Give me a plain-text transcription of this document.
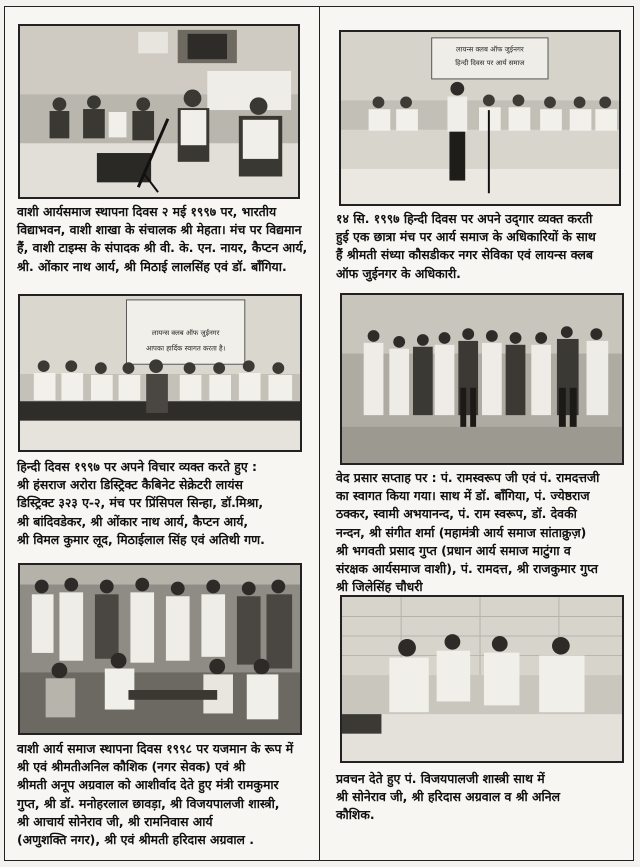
लायन्स क्लब ऑफ जुईनगर
हिन्दी दिवस पर आर्य समाज
लायन्स क्लब ऑफ जुईनगर
आपका हार्दिक स्वागत करता है।
वाशी आर्यसमाज स्थापना दिवस २ मई १९९७ पर, भारतीय
विद्याभवन, वाशी शाखा के संचालक श्री मेहता। मंच पर विद्यमान
हैं, वाशी टाइम्स के संपादक श्री वी. के. एन. नायर, कैप्टन आर्य,
श्री. ओंकार नाथ आर्य, श्री मिठाई लालसिंह एवं डॉ. बाँगिया.
१४ सि. १९९७ हिन्दी दिवस पर अपने उद्‌गार व्यक्त करती
हुई एक छात्रा मंच पर आर्य समाज के अधिकारियों के साथ
हैं श्रीमती संध्या कौसडीकर नगर सेविका एवं लायन्स क्लब
ऑफ जुईनगर के अधिकारी.
हिन्दी दिवस १९९७ पर अपने विचार व्यक्त करते हुए :
श्री हंसराज अरोरा डिस्ट्रिक्ट कैबिनेट सेक्रेटरी लायंस
डिस्ट्रिक्ट ३२३ ए-२, मंच पर प्रिंसिपल सिन्हा, डॉ.मिश्रा,
श्री बांदिवडेकर, श्री ओंकार नाथ आर्य, कैप्टन आर्य,
श्री विमल कुमार लूद, मिठाईलाल सिंह एवं अतिथी गण.
वेद प्रसार सप्ताह पर : पं. रामस्वरूप जी एवं पं. रामदत्तजी
का स्वागत किया गया। साथ में डॉ. बाँगिया, पं. ज्येष्ठराज
ठक्कर, स्वामी अभयानन्द, पं. राम स्वरूप, डॉ. देवकी
नन्दन, श्री संगीत शर्मा (महामंत्री आर्य समाज सांताक्रुज़)
श्री भगवती प्रसाद गुप्त (प्रधान आर्य समाज माटुंगा व
संरक्षक आर्यसमाज वाशी), पं. रामदत्त, श्री राजकुमार गुप्त
श्री जिलेसिंह चौधरी
वाशी आर्य समाज स्थापना दिवस १९९८ पर यजमान के रूप में
श्री एवं श्रीमतीअनिल कौशिक (नगर सेवक) एवं श्री
श्रीमती अनूप अग्रवाल को आशीर्वाद देते हुए मंत्री रामकुमार
गुप्त, श्री डॉ. मनोहरलाल छावड़ा, श्री विजयपालजी शास्त्री,
श्री आचार्य सोनेराव जी, श्री रामनिवास आर्य
(अणुशक्ति नगर), श्री एवं श्रीमती हरिदास अग्रवाल .
प्रवचन देते हुए पं. विजयपालजी शास्त्री साथ में
श्री सोनेराव जी, श्री हरिदास अग्रवाल व श्री अनिल
कौशिक.
